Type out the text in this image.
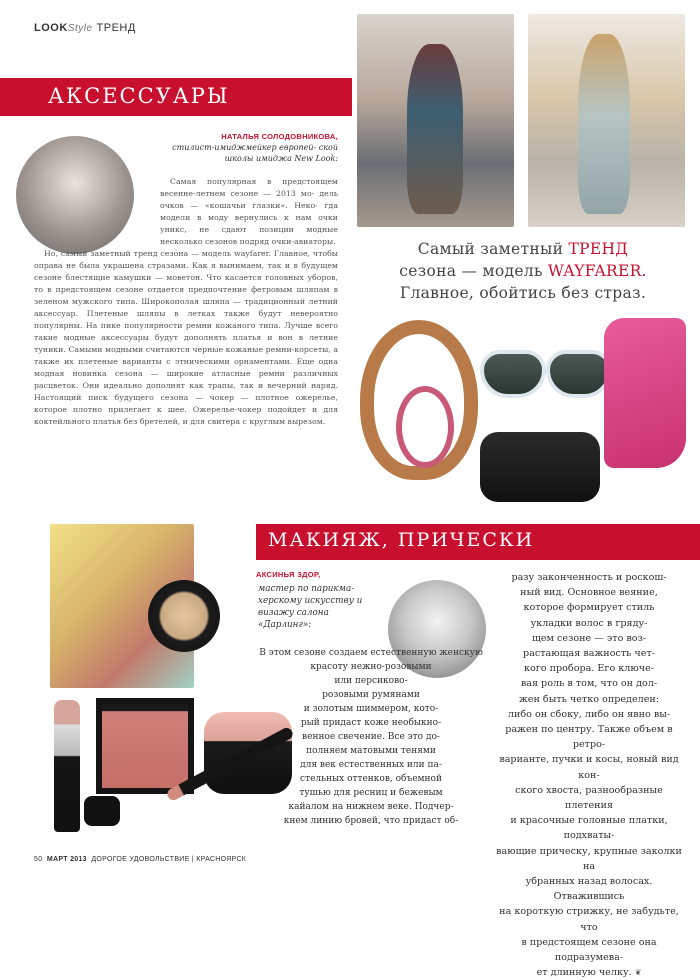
LOOKStyle ТРЕНД
АКСЕССУАРЫ
НАТАЛЬЯ СОЛОДОВНИКОВА,
стилист-имиджмейкер европей- ской школы имиджа New Look:

Самая популярная в предстоящем весенне-летнем сезоне — 2013 мо- дель очков — «кошачьи глазки». Неко- гда модели в моду вернулись к нам очки уникс, не сдают позиции модные несколько сезонов подряд очки-авиаторы.

Но, самый заметный тренд сезона — модель wayfarer. Главное, чтобы оправа не была украшена стразами. Как я вынимаем, так и в будущем сезоне блестящие камушки — моветон. Что касается головных уборов, то в предстоящем сезоне отдается предпочтение фетровым шляпам в зеленом мужского типа. Широкополая шляпа — традиционный летний аксессуар. Плетеные шляпы в летках также будут невероятно популярны. На пике популярности ремни кожаного типа. Лучше всего такие модные аксессуары будут дополнять платья и вон в летние туники. Самыми модными считаются черные кожаные ремни-корсеты, а также их плетеные варианты с этническими орнаментами. Еще одна модная новинка сезона — широкие атласные ремни различных расцветок. Они идеально дополнят как трапы, так и вечерний наряд. Настоящий писк будущего сезона — чокер — плотное ожерелье, которое плотно прилегает к шее. Ожерелье-чокер подойдет и для коктейльного платья без бретелей, и для свитера с круглым вырезом.

Самый заметный ТРЕНД
сезона — модель WAYFARER.
Главное, обойтись без страз.
МАКИЯЖ, ПРИЧЕСКИ
АКСИНЬЯ ЗДОР,
мастер по парикма- херскому искусству и визажу салона «Дарлинг»:

В этом сезоне создаем естественную женскую

красоту нежно-розовыми

или персиково-

розовыми румянами

и золотым шиммером, кото-

рый придаст коже необыкно-

венное свечение. Все это до-

полняем матовыми тенями

для век естественных или па-

стельных оттенков, объемной

тушью для ресниц и бежевым

кайалом на нижнем веке. Подчер-

кнем линию бровей, что придаст об-

разу законченность и роскош-

ный вид. Основное веяние,

которое формирует стиль

укладки волос в гряду-

щем сезоне — это воз-

растающая важность чет-

кого пробора. Его ключе-

вая роль в том, что он дол-

жен быть четко определен:

либо он сбоку, либо он явно вы-

ражен по центру. Также объем в ретро-

варианте, пучки и косы, новый вид кон-

ского хвоста, разнообразные плетения

и красочные головные платки, подхваты-

вающие прическу, крупные заколки на

убранных назад волосах. Отважившись

на короткую стрижку, не забудьте, что

в предстоящем сезоне она подразумева-

ет длинную челку. ❦

50 МАРТ 2013 ДОРОГОЕ УДОВОЛЬСТВИЕ | КРАСНОЯРСК
